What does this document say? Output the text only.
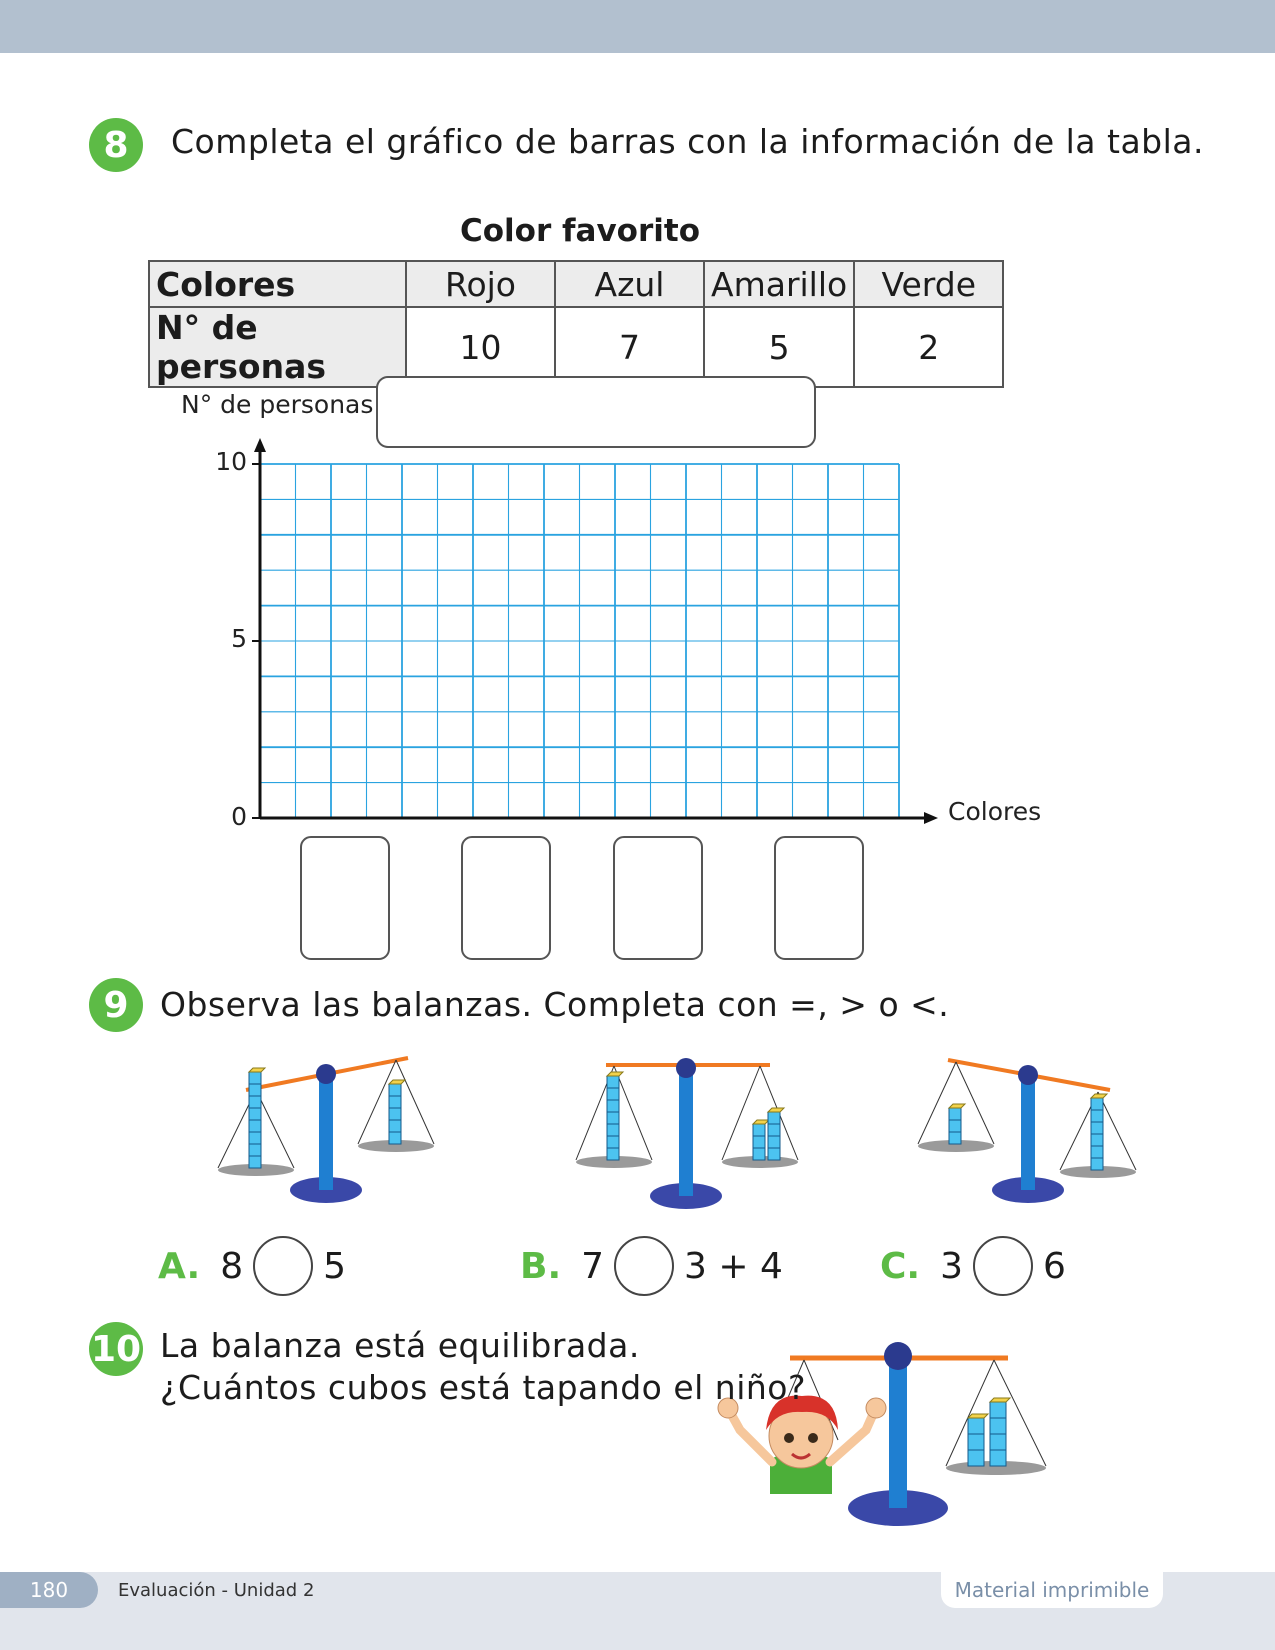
8	Completa el gráfico de barras con la información de la tabla.
Color favorito
Colores	Rojo	Azul	Amarillo	Verde
N° de personas	10	7	5	2
N° de personas
Colores
10
5
0
9 Observa las balanzas. Completa con =, > o <.
A. 8 5	B. 7 3 + 4	C. 3 6
10 La balanza está equilibrada.
¿Cuántos cubos está tapando el niño?
180	Evaluación - Unidad 2	Material imprimible
